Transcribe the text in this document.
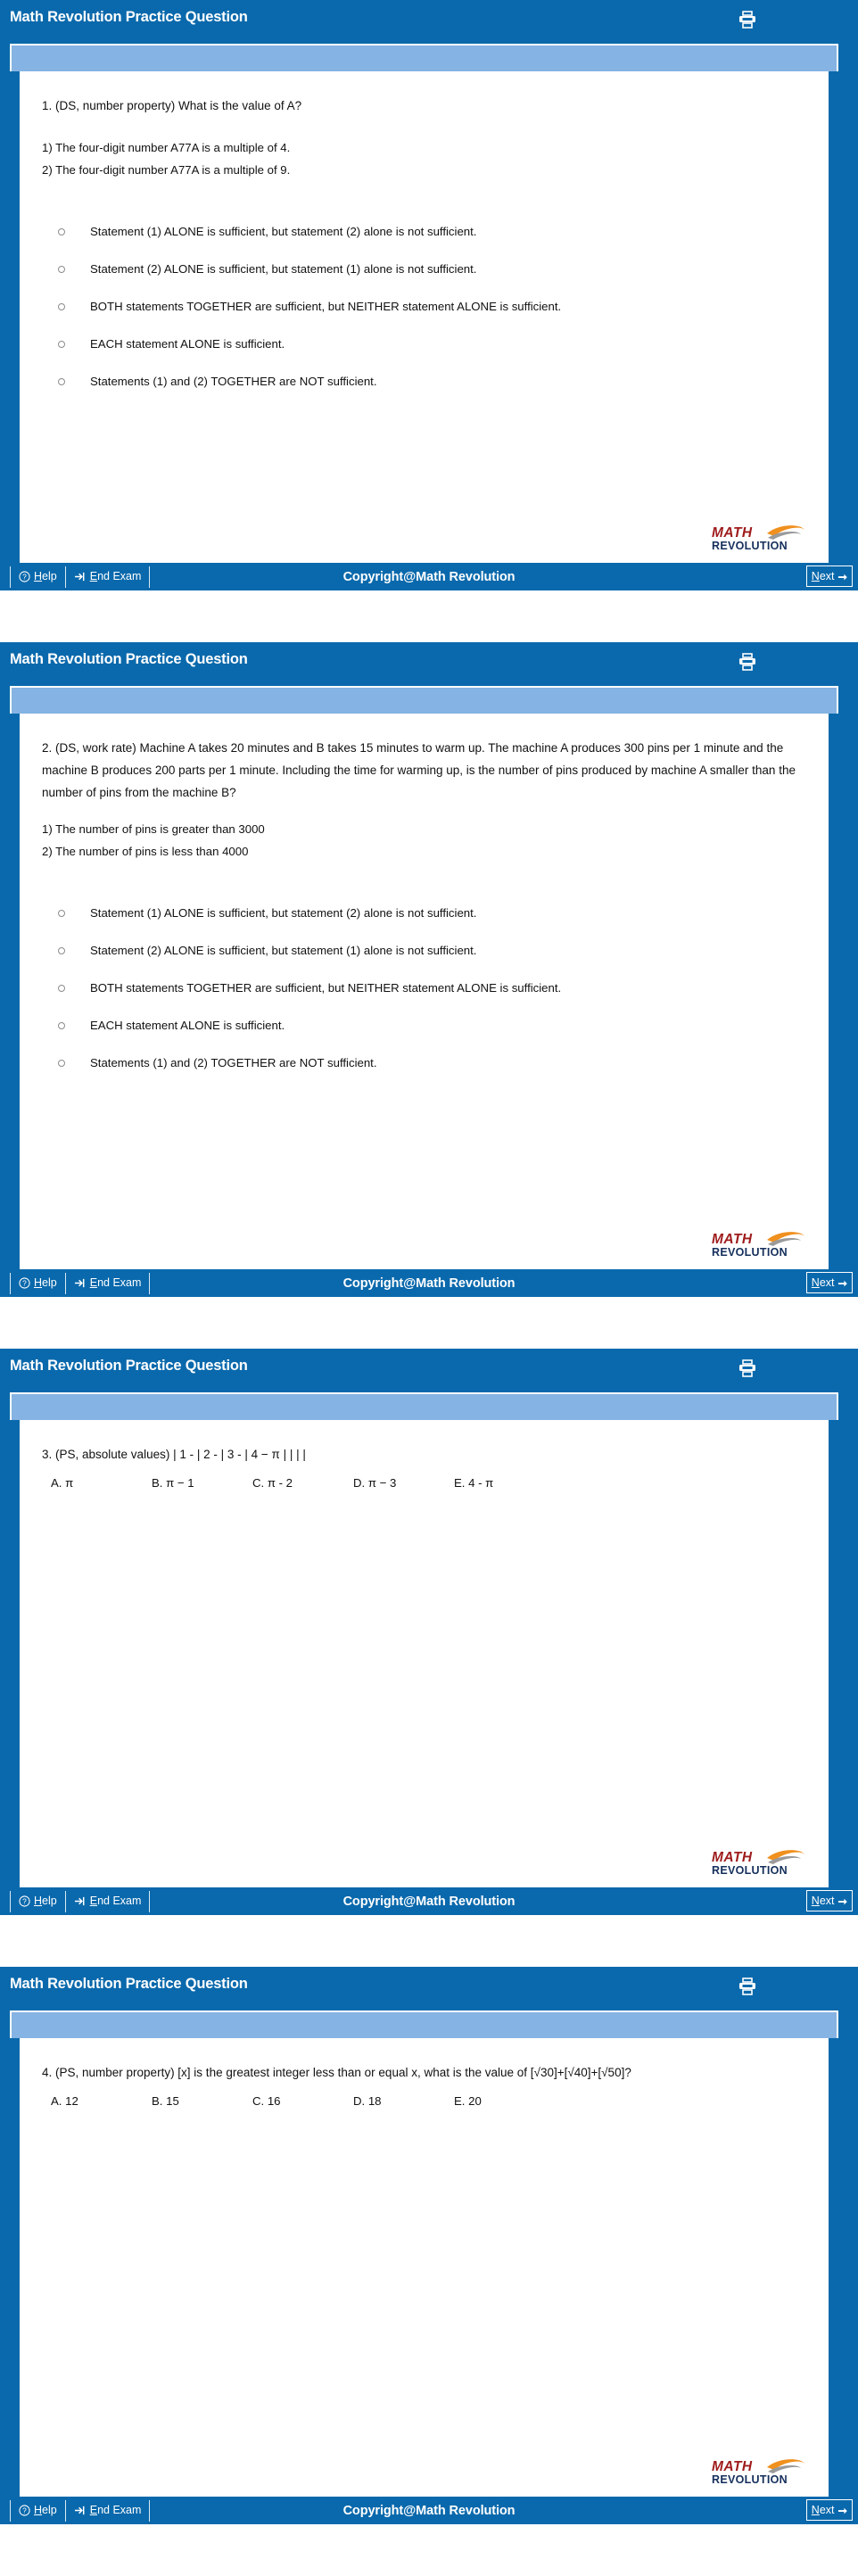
Math Revolution Practice Question
1. (DS, number property) What is the value of A?
1) The four-digit number A77A is a multiple of 4.
2) The four-digit number A77A is a multiple of 9.
Statement (1) ALONE is sufficient, but statement (2) alone is not sufficient.
Statement (2) ALONE is sufficient, but statement (1) alone is not sufficient.
BOTH statements TOGETHER are sufficient, but NEITHER statement ALONE is sufficient.
EACH statement ALONE is sufficient.
Statements (1) and (2) TOGETHER are NOT sufficient.
MATH
REVOLUTION
? Help	End Exam	Copyright@Math Revolution	Next ➞
Math Revolution Practice Question
2. (DS, work rate) Machine A takes 20 minutes and B takes 15 minutes to warm up. The machine A produces 300 pins per 1 minute and the machine B produces 200 parts per 1 minute. Including the time for warming up, is the number of pins produced by machine A smaller than the number of pins from the machine B?
1) The number of pins is greater than 3000
2) The number of pins is less than 4000
Statement (1) ALONE is sufficient, but statement (2) alone is not sufficient.
Statement (2) ALONE is sufficient, but statement (1) alone is not sufficient.
BOTH statements TOGETHER are sufficient, but NEITHER statement ALONE is sufficient.
EACH statement ALONE is sufficient.
Statements (1) and (2) TOGETHER are NOT sufficient.
MATH
REVOLUTION
? Help	End Exam	Copyright@Math Revolution	Next ➞
Math Revolution Practice Question
3. (PS, absolute values) | 1 - | 2 - | 3 - | 4 − π | | | |
A. π	B. π − 1	C. π - 2	D. π − 3	E. 4 - π
MATH
REVOLUTION
? Help	End Exam	Copyright@Math Revolution	Next ➞
Math Revolution Practice Question
4. (PS, number property) [x] is the greatest integer less than or equal x, what is the value of [√30]+[√40]+[√50]?
A. 12	B. 15	C. 16	D. 18	E. 20
MATH
REVOLUTION
? Help	End Exam	Copyright@Math Revolution	Next ➞
